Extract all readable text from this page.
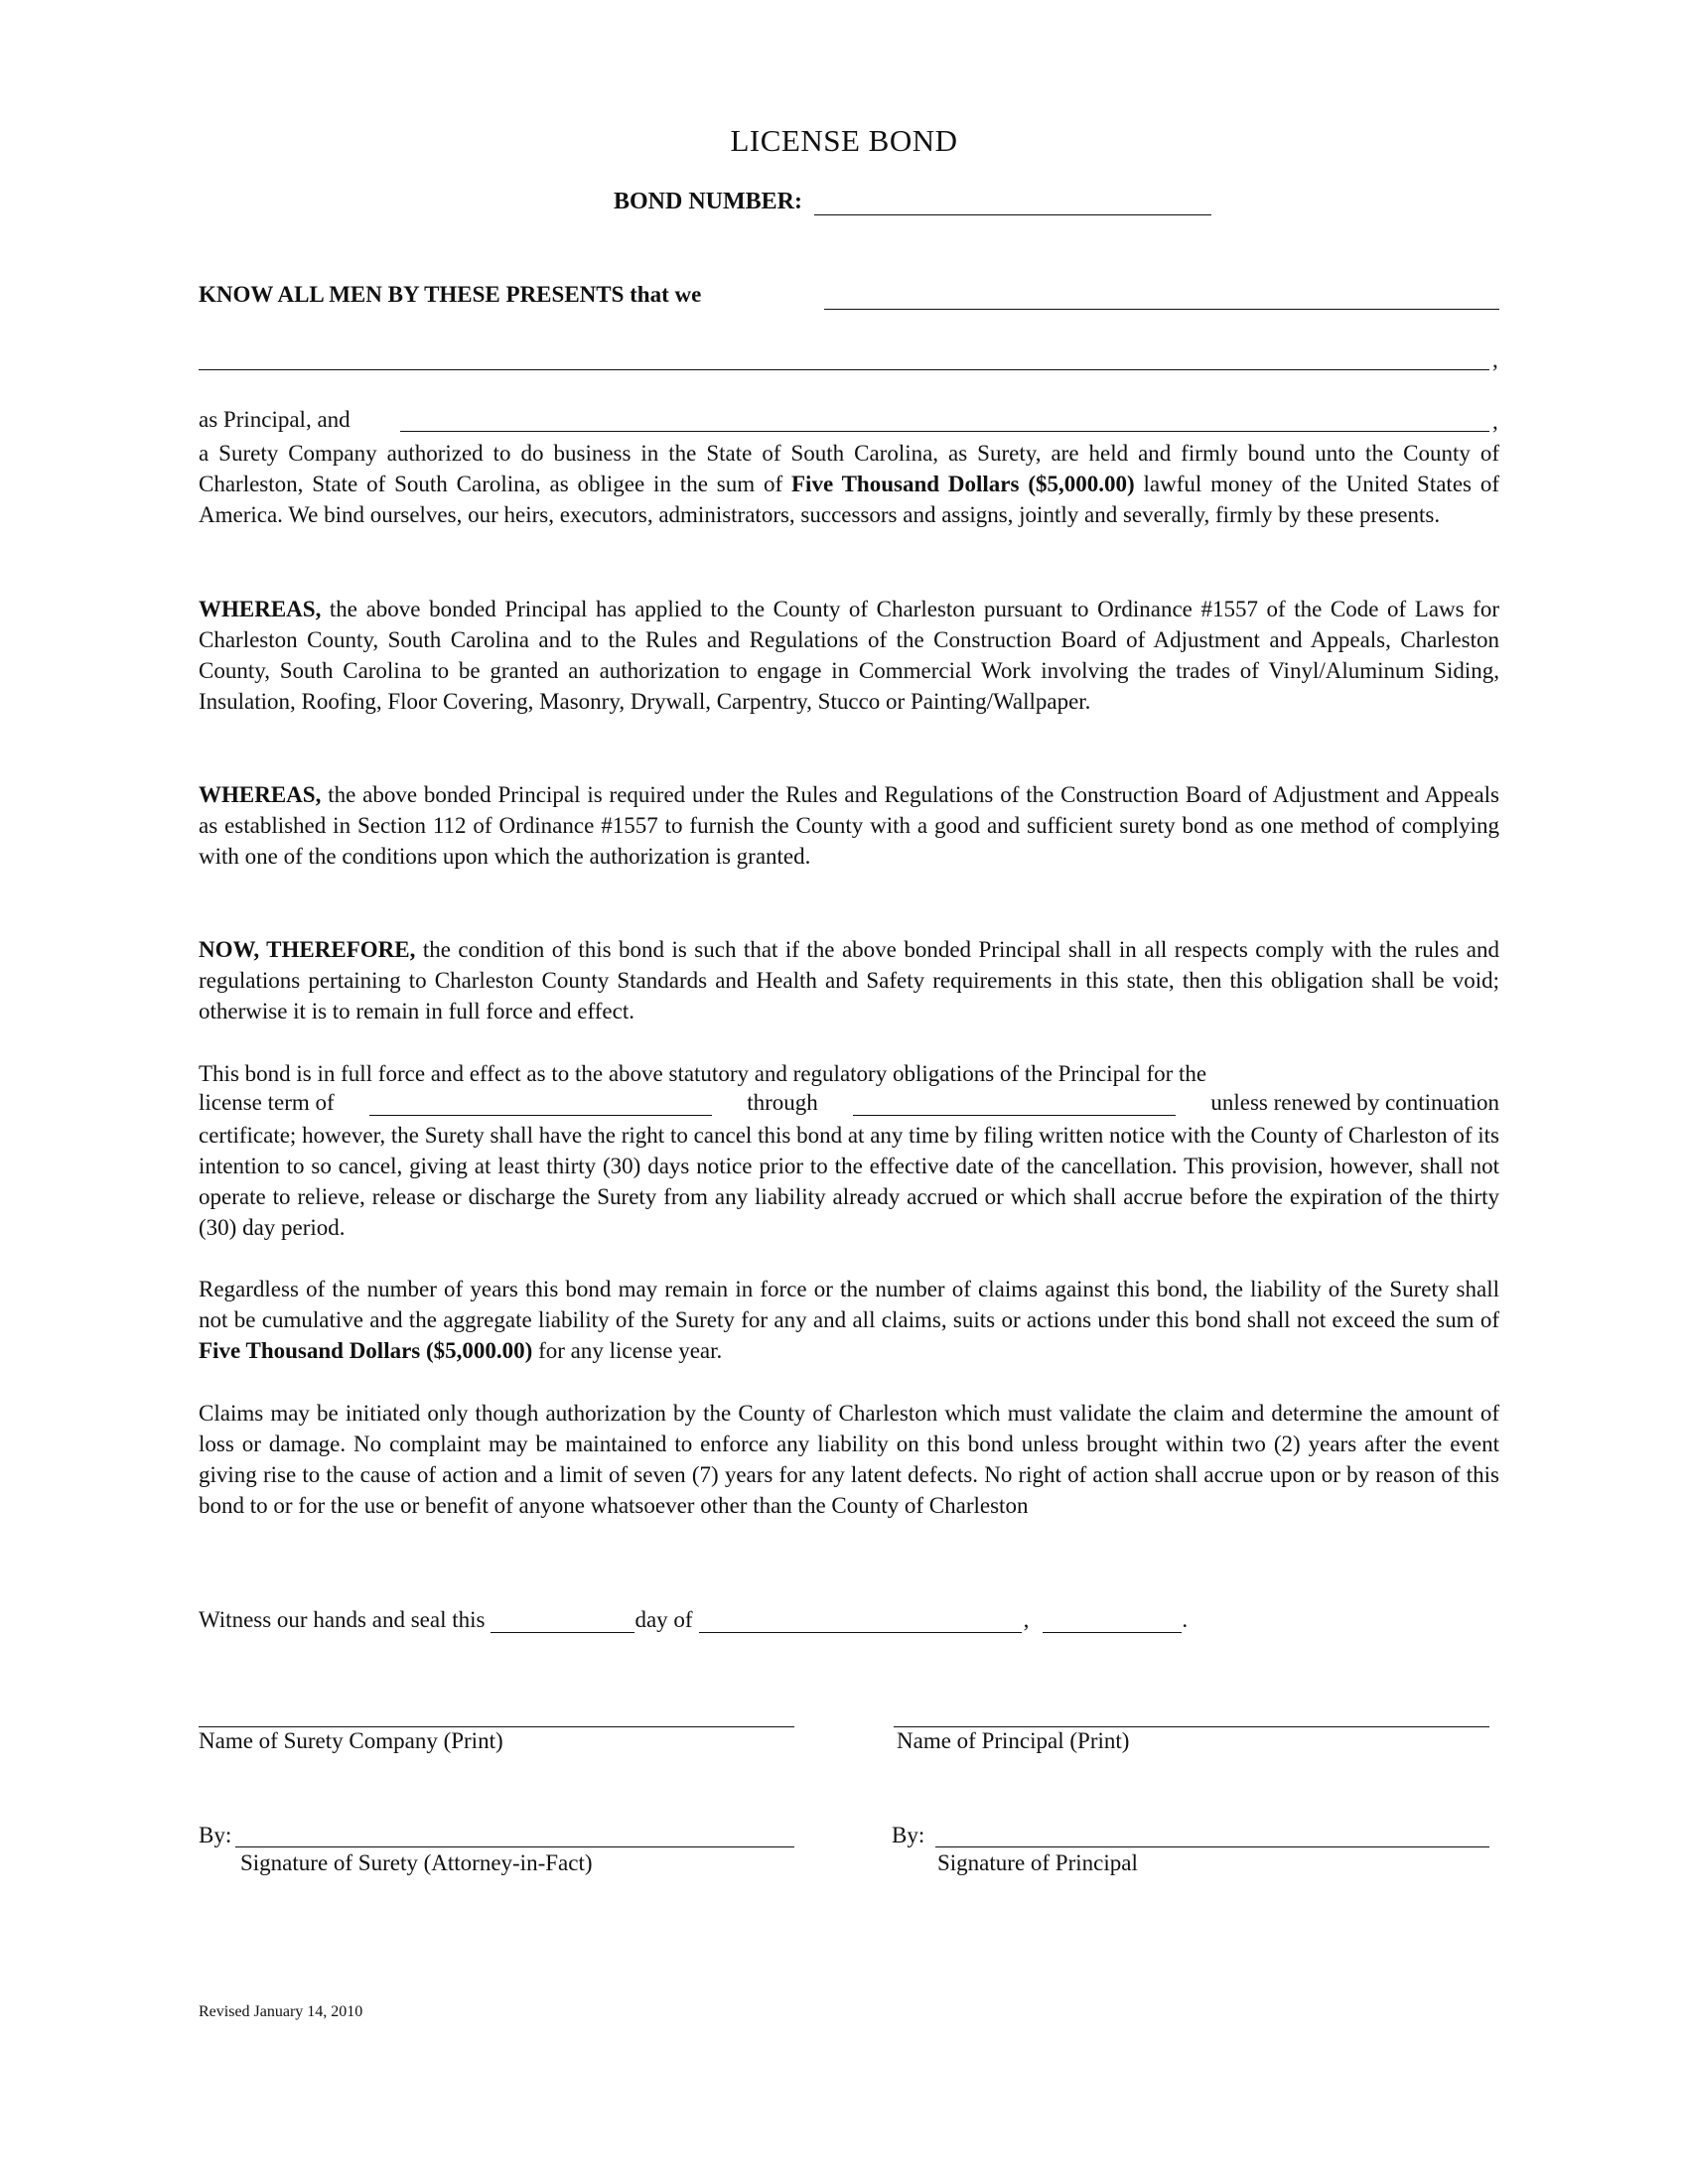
LICENSE BOND
BOND NUMBER:
KNOW ALL MEN BY THESE PRESENTS that we
,
as Principal, and	,

a Surety Company authorized to do business in the State of South Carolina, as Surety, are held and firmly bound unto the County of Charleston, State of South Carolina, as obligee in the sum of Five Thousand Dollars ($5,000.00) lawful money of the United States of America. We bind ourselves, our heirs, executors, administrators, successors and assigns, jointly and severally, firmly by these presents.

WHEREAS, the above bonded Principal has applied to the County of Charleston pursuant to Ordinance #1557 of the Code of Laws for Charleston County, South Carolina and to the Rules and Regulations of the Construction Board of Adjustment and Appeals, Charleston County, South Carolina to be granted an authorization to engage in Commercial Work involving the trades of Vinyl/Aluminum Siding, Insulation, Roofing, Floor Covering, Masonry, Drywall, Carpentry, Stucco or Painting/Wallpaper.

WHEREAS, the above bonded Principal is required under the Rules and Regulations of the Construction Board of Adjustment and Appeals as established in Section 112 of Ordinance #1557 to furnish the County with a good and sufficient surety bond as one method of complying with one of the conditions upon which the authorization is granted.

NOW, THEREFORE, the condition of this bond is such that if the above bonded Principal shall in all respects comply with the rules and regulations pertaining to Charleston County Standards and Health and Safety requirements in this state, then this obligation shall be void; otherwise it is to remain in full force and effect.

This bond is in full force and effect as to the above statutory and regulatory obligations of the Principal for the

license term of	through	unless renewed by continuation

certificate; however, the Surety shall have the right to cancel this bond at any time by filing written notice with the County of Charleston of its intention to so cancel, giving at least thirty (30) days notice prior to the effective date of the cancellation. This provision, however, shall not operate to relieve, release or discharge the Surety from any liability already accrued or which shall accrue before the expiration of the thirty (30) day period.

Regardless of the number of years this bond may remain in force or the number of claims against this bond, the liability of the Surety shall not be cumulative and the aggregate liability of the Surety for any and all claims, suits or actions under this bond shall not exceed the sum of Five Thousand Dollars ($5,000.00) for any license year.

Claims may be initiated only though authorization by the County of Charleston which must validate the claim and determine the amount of loss or damage. No complaint may be maintained to enforce any liability on this bond unless brought within two (2) years after the event giving rise to the cause of action and a limit of seven (7) years for any latent defects. No right of action shall accrue upon or by reason of this bond to or for the use or benefit of anyone whatsoever other than the County of Charleston

Witness our hands and seal this	day of	,	.
Name of Surety Company (Print)	Name of Principal (Print)
By:	By:
Signature of Surety (Attorney-in-Fact)	Signature of Principal
Revised January 14, 2010
